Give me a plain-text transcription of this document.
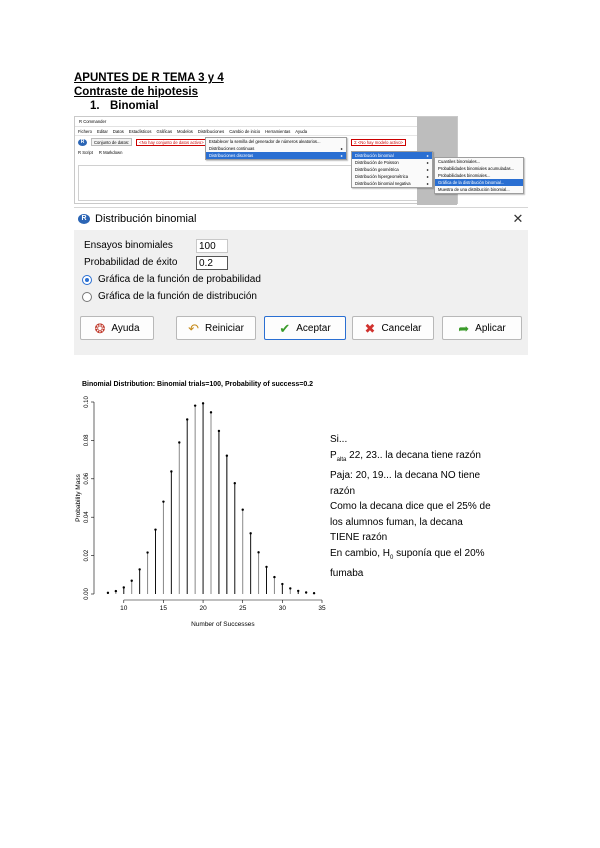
APUNTES DE R TEMA 3 y 4
Contraste de hipotesis
1. Binomial
R Commander
Fichero Editar Datos Estadísticos Gráficas Modelos Distribuciones Cambio de inicio Herramientas Ayuda
R	Conjunto de datos:	<No hay conjunto de datos activo>	Σ <No hay modelo activo>
R Script R Markdown
Establecer la semilla del generador de números aleatorios...
Distribuciones continuas	▸
Distribuciones discretas	▸	Distribución binomial	▸
Distribución de Poisson	▸
Distribución geométrica	▸
Distribución hipergeométrica	▸
Distribución binomial negativa	▸
Cuantiles binomiales...
Probabilidades binomiales acumuladas...
Probabilidades binomiales...
Gráfica de la distribución binomial...
Muestra de una distribución binomial...
R Distribución binomial	✕
Ensayos binomiales
100
Probabilidad de éxito
0.2
Gráfica de la función de probabilidad
Gráfica de la función de distribución
❂ Ayuda	↶ Reiniciar	✔ Aceptar	✖ Cancelar	➦ Aplicar
Binomial Distribution: Binomial trials=100, Probability of success=0.2
10	15	20	25	30	35
0.00
0.02
0.04
0.06
0.08
0.10
Number of Successes
Probability Mass
Si...
$P_{alta}$ 22, 23.. la decana tiene razón
Paja: 20, 19... la decana NO tiene
razón
Como la decana dice que el 25% de
los alumnos fuman, la decana
TIENE razón
En cambio, $H_0$ suponía que el 20%
fumaba
